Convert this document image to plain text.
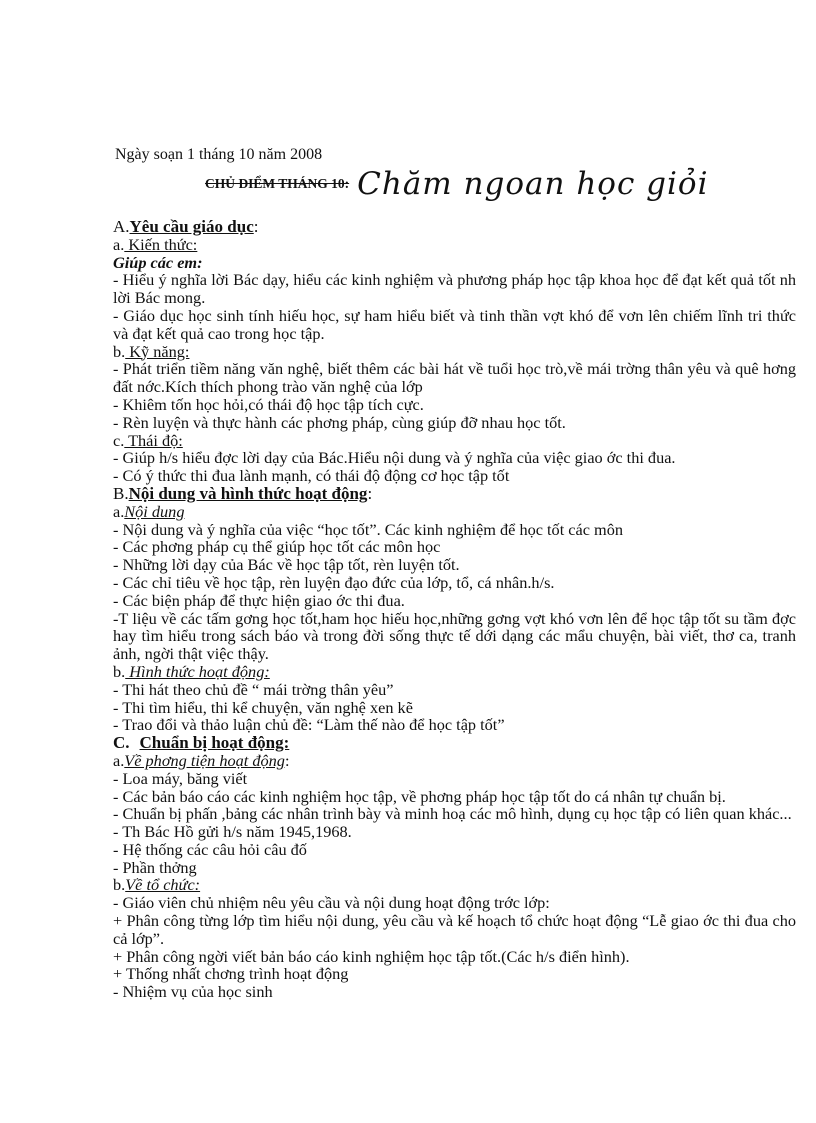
Ngày soạn 1 tháng 10 năm 2008
$^{CHỦ ĐIỂM THÁNG 10:}$ Chăm ngoan học giỏi

A.Yêu cầu giáo dục:

a. Kiến thức:

Giúp các em:

- Hiểu ý nghĩa lời Bác dạy, hiểu các kinh nghiệm và phương pháp học tập khoa học để đạt kết quả tốt nh lời Bác mong.

- Giáo dục học sinh tính hiếu học, sự ham hiểu biết và tinh thần vợt khó để vơn lên chiếm lĩnh tri thức và đạt kết quả cao trong học tập.

b. Kỹ năng:

- Phát triển tiềm năng văn nghệ, biết thêm các bài hát về tuổi học trò,về mái trờng thân yêu và quê hơng đất nớc.Kích thích phong trào văn nghệ của lớp

- Khiêm tốn học hỏi,có thái độ học tập tích cực.

- Rèn luyện và thực hành các phơng pháp, cùng giúp đỡ nhau học tốt.

c. Thái độ:

- Giúp h/s hiểu đợc lời dạy của Bác.Hiểu nội dung và ý nghĩa của việc giao ớc thi đua.

- Có ý thức thi đua lành mạnh, có thái độ động cơ học tập tốt

B.Nội dung và hình thức hoạt động:

a.Nội dung

- Nội dung và ý nghĩa của việc “học tốt”. Các kinh nghiệm để học tốt các môn

- Các phơng pháp cụ thể giúp học tốt các môn học

- Những lời dạy của Bác về học tập tốt, rèn luyện tốt.

- Các chỉ tiêu về học tập, rèn luyện đạo đức của lớp, tổ, cá nhân.h/s.

- Các biện pháp để thực hiện giao ớc thi đua.

-T liệu về các tấm gơng học tốt,ham học hiếu học,những gơng vợt khó vơn lên để học tập tốt su tầm đợc hay tìm hiểu trong sách báo và trong đời sống thực tế dới dạng các mẩu chuyện, bài viết, thơ ca, tranh ảnh, ngời thật việc thậy.

b. Hình thức hoạt động:

- Thi hát theo chủ đề “ mái trờng thân yêu”

- Thi tìm hiểu, thi kể chuyện, văn nghệ xen kẽ

- Trao đổi và thảo luận chủ đề: “Làm thế nào để học tập tốt”

C. Chuẩn bị hoạt động:

a.Về phơng tiện hoạt động:

- Loa máy, băng viết

- Các bản báo cáo các kinh nghiệm học tập, về phơng pháp học tập tốt do cá nhân tự chuẩn bị.

- Chuẩn bị phấn ,bảng các nhân trình bày và minh hoạ các mô hình, dụng cụ học tập có liên quan khác...

- Th Bác Hồ gửi h/s năm 1945,1968.

- Hệ thống các câu hỏi câu đố

- Phần thởng

b.Về tổ chức:

- Giáo viên chủ nhiệm nêu yêu cầu và nội dung hoạt động trớc lớp:

+ Phân công từng lớp tìm hiểu nội dung, yêu cầu và kế hoạch tổ chức hoạt động “Lễ giao ớc thi đua cho cả lớp”.

+ Phân công ngời viết bản báo cáo kinh nghiệm học tập tốt.(Các h/s điển hình).

+ Thống nhất chơng trình hoạt động

- Nhiệm vụ của học sinh
